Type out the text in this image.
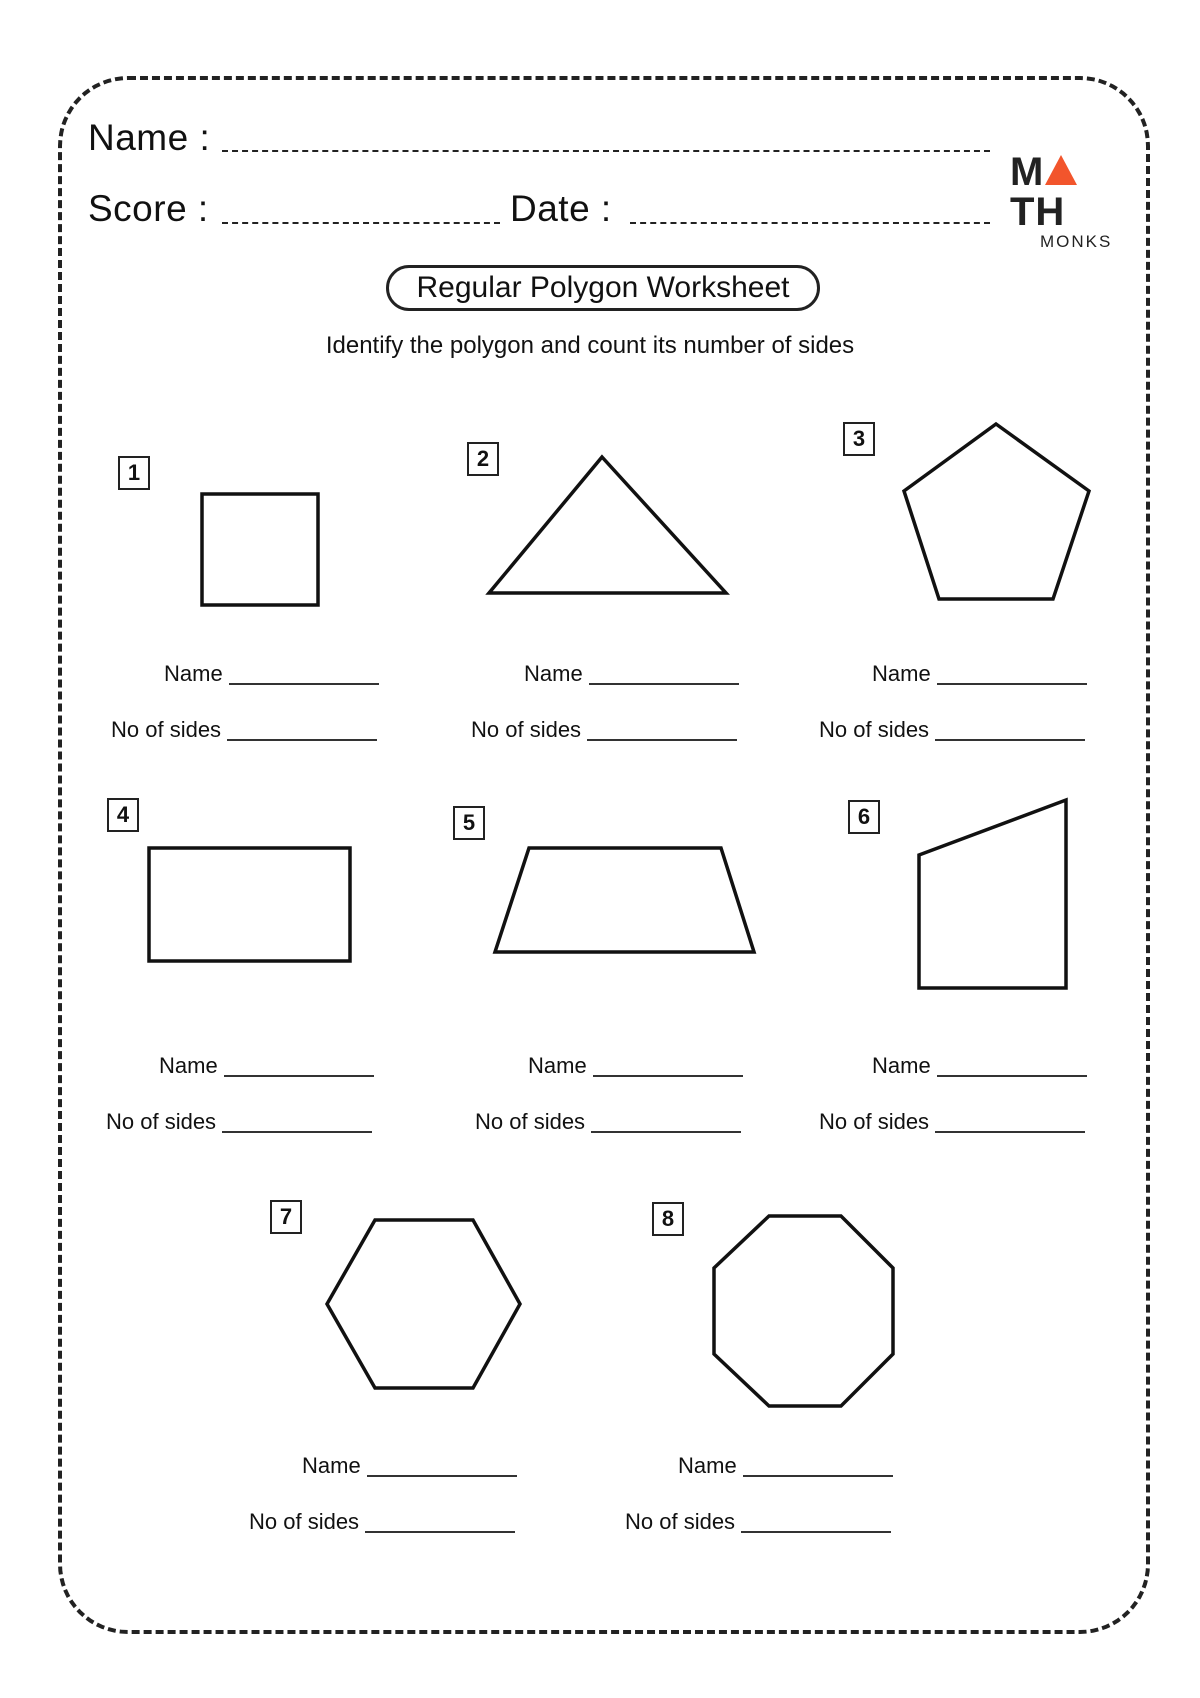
Name :
Score :	Date :
MTH
MONKS
Regular Polygon Worksheet
Identify the polygon and count its number of sides
1
2
3
4	5	6
7	8
Name
No of sides
Name
No of sides
Name
No of sides
Name
No of sides
Name
No of sides
Name
No of sides
Name
No of sides
Name
No of sides
